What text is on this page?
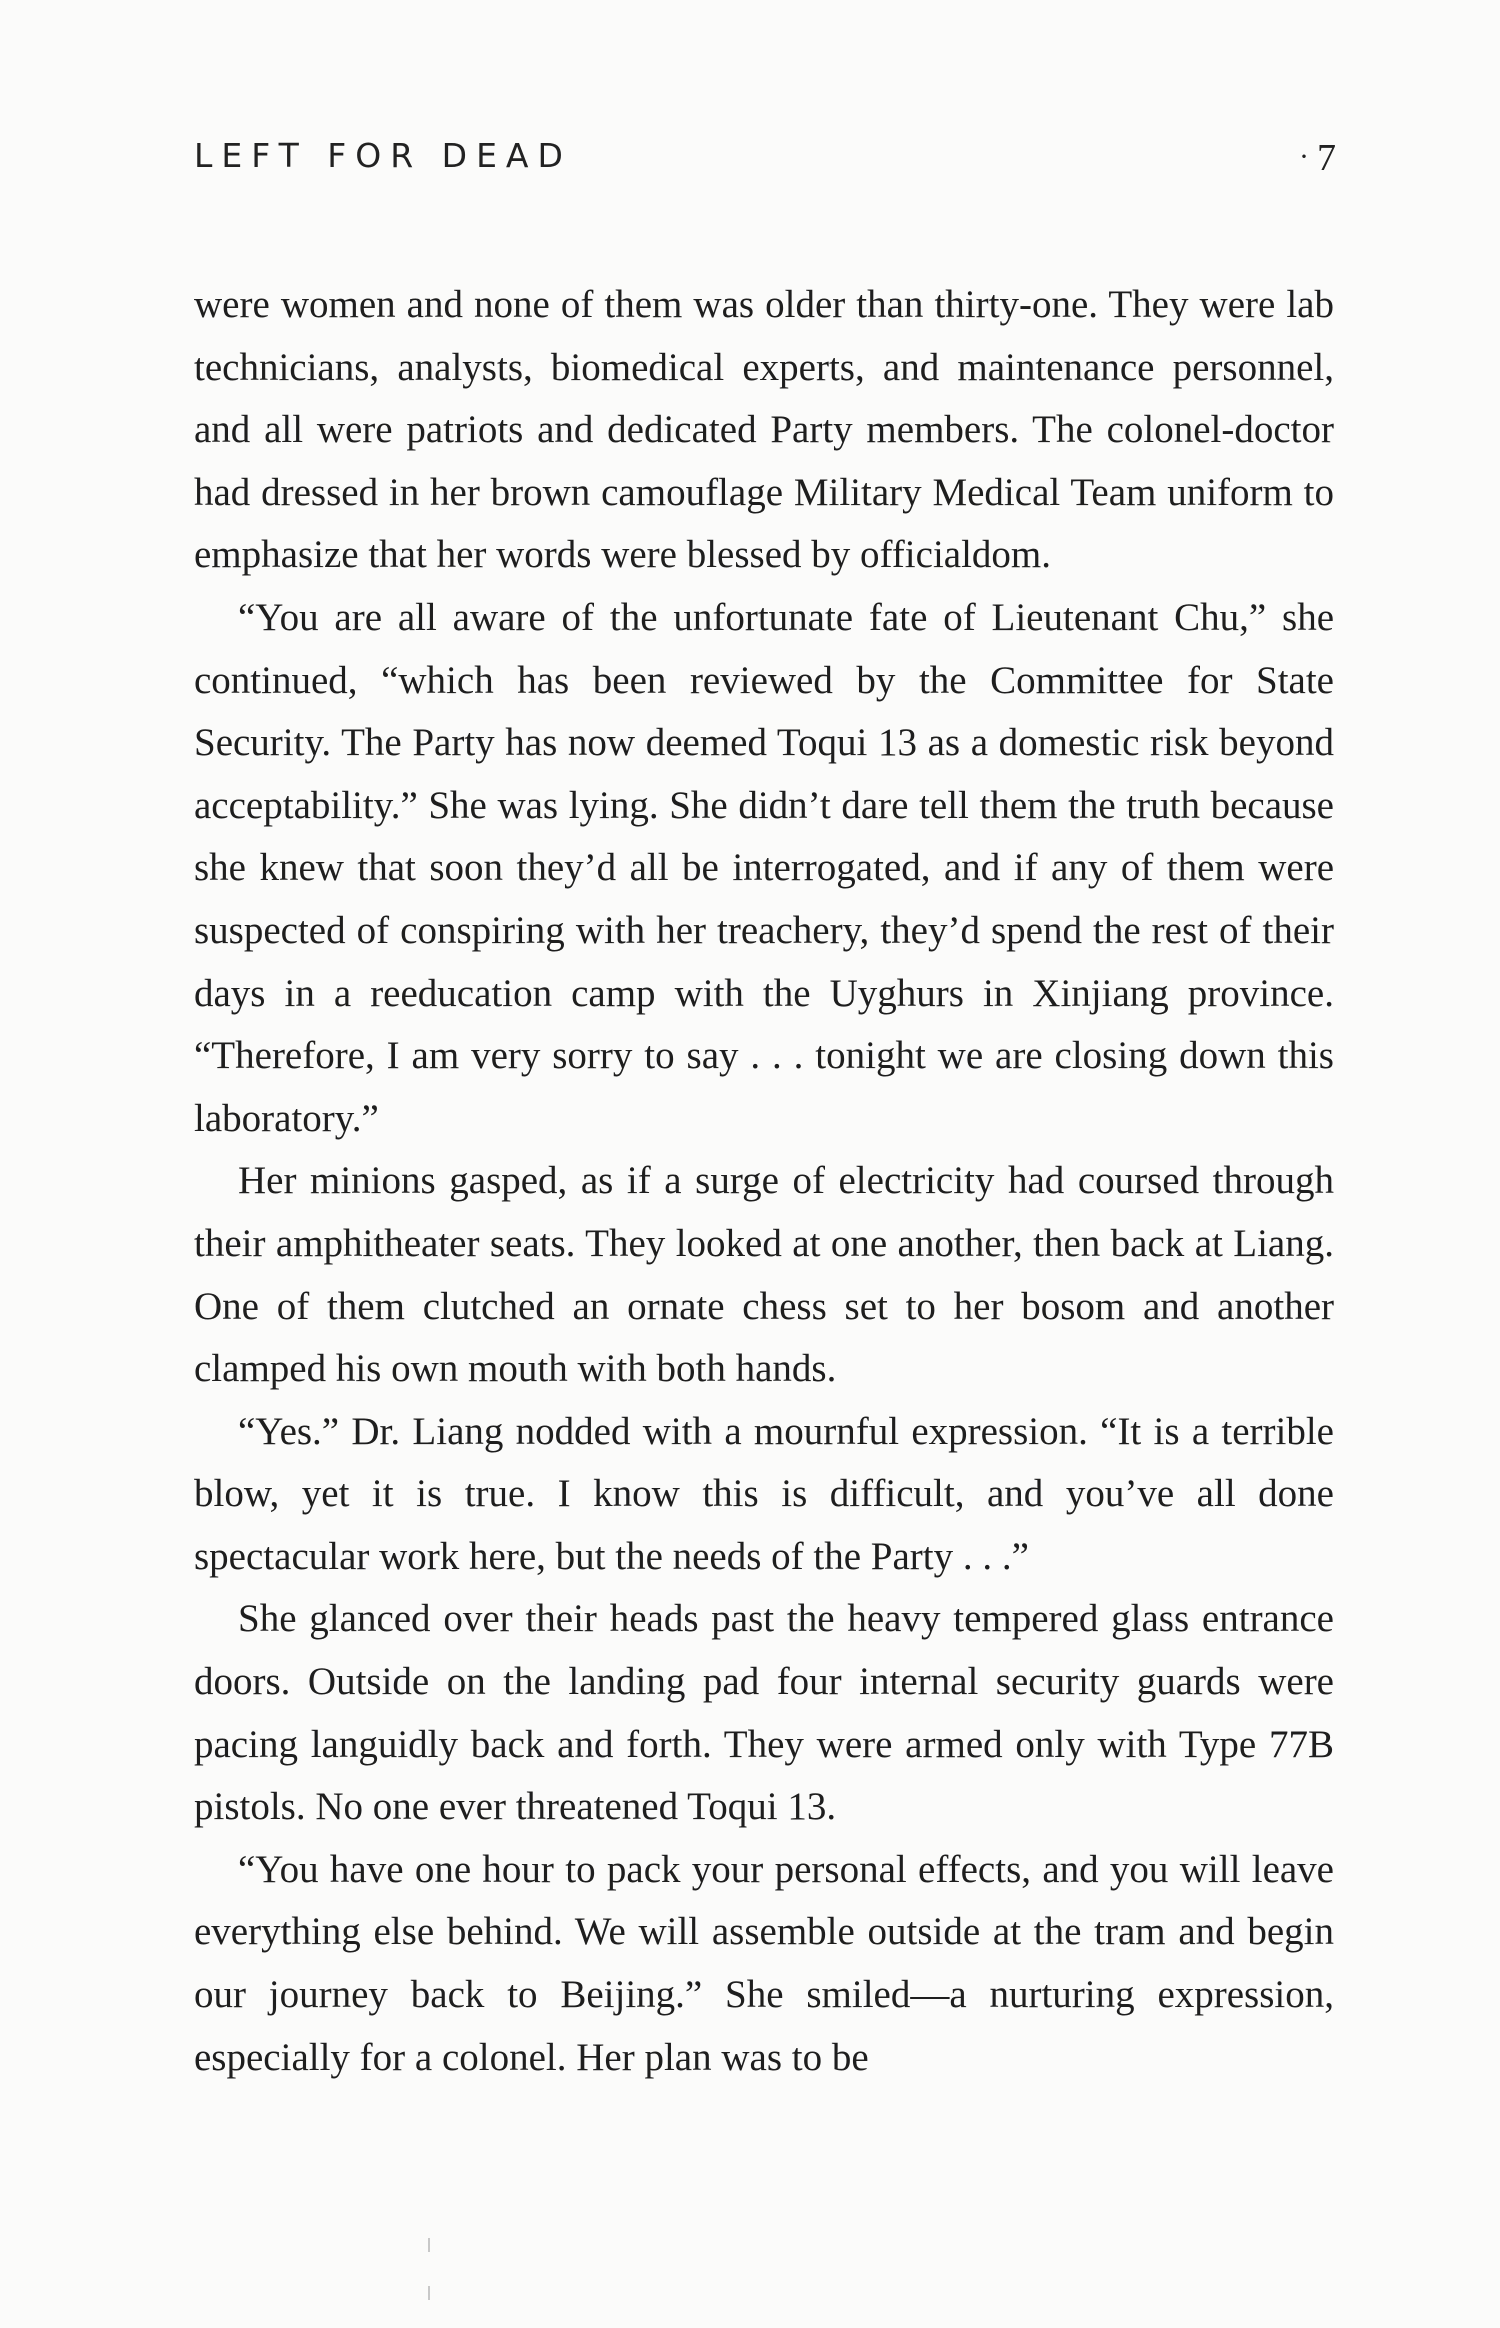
LEFT FOR DEAD	· 7

were women and none of them was older than thirty-one. They were lab technicians, analysts, biomedical experts, and maintenance personnel, and all were patriots and dedicated Party members. The colonel-doctor had dressed in her brown camouflage Military Medical Team uniform to emphasize that her words were blessed by officialdom.

“You are all aware of the unfortunate fate of Lieutenant Chu,” she continued, “which has been reviewed by the Committee for State Security. The Party has now deemed Toqui 13 as a domestic risk beyond acceptability.” She was lying. She didn’t dare tell them the truth because she knew that soon they’d all be interrogated, and if any of them were suspected of conspiring with her treachery, they’d spend the rest of their days in a reeducation camp with the Uyghurs in Xinjiang province. “Therefore, I am very sorry to say . . . tonight we are closing down this laboratory.”

Her minions gasped, as if a surge of electricity had coursed through their amphitheater seats. They looked at one another, then back at Liang. One of them clutched an ornate chess set to her bosom and another clamped his own mouth with both hands.

“Yes.” Dr. Liang nodded with a mournful expression. “It is a terrible blow, yet it is true. I know this is difficult, and you’ve all done spectacular work here, but the needs of the Party . . .”

She glanced over their heads past the heavy tempered glass entrance doors. Outside on the landing pad four internal security guards were pacing languidly back and forth. They were armed only with Type 77B pistols. No one ever threatened Toqui 13.

“You have one hour to pack your personal effects, and you will leave everything else behind. We will assemble outside at the tram and begin our journey back to Beijing.” She smiled—a nurturing expression, especially for a colonel. Her plan was to be
